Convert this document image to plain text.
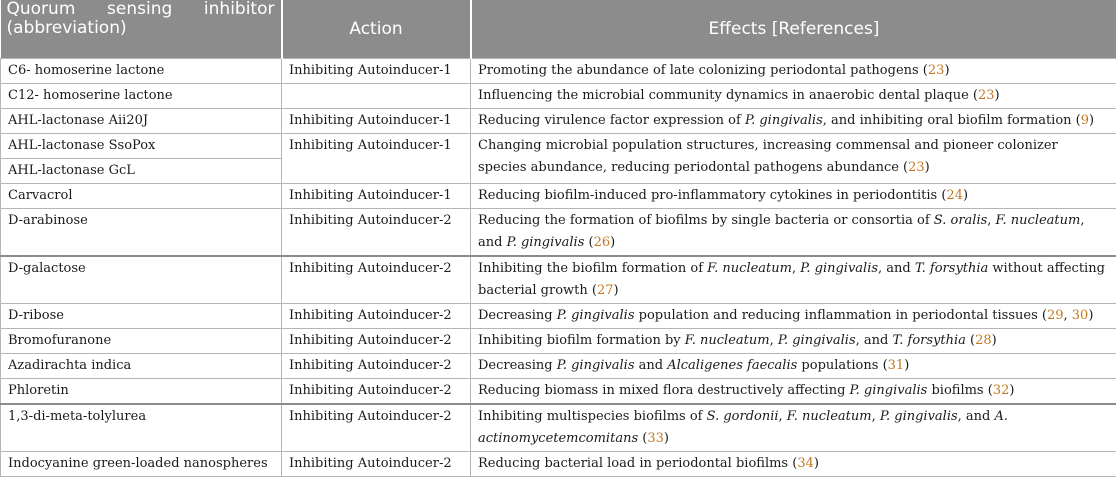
Quorum sensing inhibitor (abbreviation)	Action	Effects [References]
C6- homoserine lactone	Inhibiting Autoinducer-1	Promoting the abundance of late colonizing periodontal pathogens (23)
C12- homoserine lactone		Influencing the microbial community dynamics in anaerobic dental plaque (23)
AHL-lactonase Aii20J	Inhibiting Autoinducer-1	Reducing virulence factor expression of P. gingivalis, and inhibiting oral biofilm formation (9)
AHL-lactonase SsoPox	Inhibiting Autoinducer-1	Changing microbial population structures, increasing commensal and pioneer colonizer species abundance, reducing periodontal pathogens abundance (23)
AHL-lactonase GcL		
Carvacrol	Inhibiting Autoinducer-1	Reducing biofilm-induced pro-inflammatory cytokines in periodontitis (24)
D-arabinose	Inhibiting Autoinducer-2	Reducing the formation of biofilms by single bacteria or consortia of S. oralis, F. nucleatum, and P. gingivalis (26)
D-galactose	Inhibiting Autoinducer-2	Inhibiting the biofilm formation of F. nucleatum, P. gingivalis, and T. forsythia without affecting bacterial growth (27)
D-ribose	Inhibiting Autoinducer-2	Decreasing P. gingivalis population and reducing inflammation in periodontal tissues (29, 30)
Bromofuranone	Inhibiting Autoinducer-2	Inhibiting biofilm formation by F. nucleatum, P. gingivalis, and T. forsythia (28)
Azadirachta indica	Inhibiting Autoinducer-2	Decreasing P. gingivalis and Alcaligenes faecalis populations (31)
Phloretin	Inhibiting Autoinducer-2	Reducing biomass in mixed flora destructively affecting P. gingivalis biofilms (32)
1,3-di-meta-tolylurea	Inhibiting Autoinducer-2	Inhibiting multispecies biofilms of S. gordonii, F. nucleatum, P. gingivalis, and A. actinomycetemcomitans (33)
Indocyanine green-loaded nanospheres	Inhibiting Autoinducer-2	Reducing bacterial load in periodontal biofilms (34)
